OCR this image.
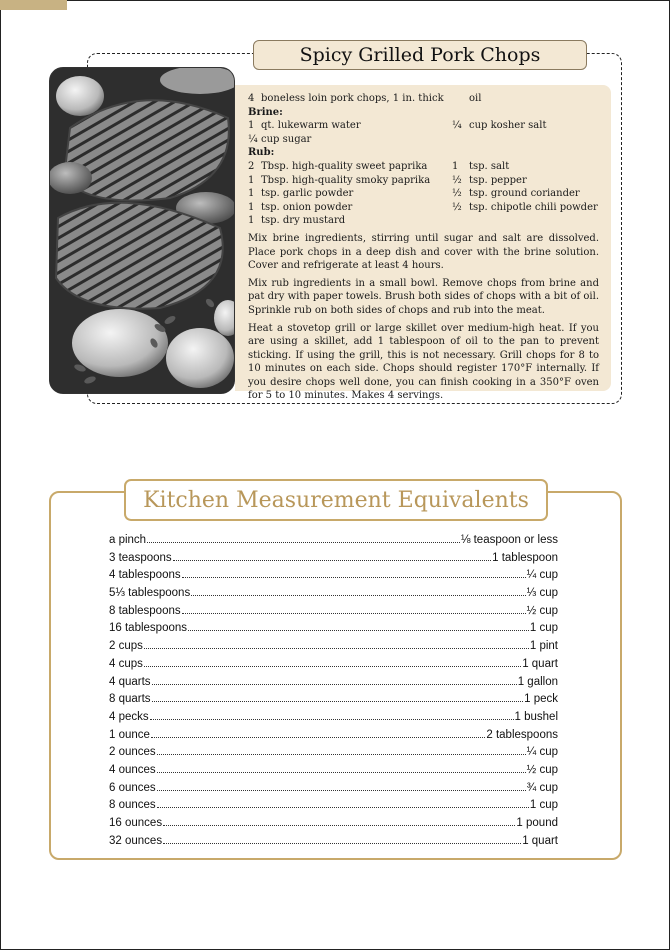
Spicy Grilled Pork Chops
4 boneless loin pork chops, 1 in. thick	oil
Brine:
1 qt. lukewarm water	¼ cup kosher salt
¼ cup sugar
Rub:
2 Tbsp. high-quality sweet paprika	1 tsp. salt
1 Tbsp. high-quality smoky paprika	½ tsp. pepper
1 tsp. garlic powder	½ tsp. ground coriander
1 tsp. onion powder	½ tsp. chipotle chili powder
1 tsp. dry mustard

Mix brine ingredients, stirring until sugar and salt are dissolved. Place pork chops in a deep dish and cover with the brine solution. Cover and refrigerate at least 4 hours.

Mix rub ingredients in a small bowl. Remove chops from brine and pat dry with paper towels. Brush both sides of chops with a bit of oil. Sprinkle rub on both sides of chops and rub into the meat.

Heat a stovetop grill or large skillet over medium-high heat. If you are using a skillet, add 1 tablespoon of oil to the pan to prevent sticking. If using the grill, this is not necessary. Grill chops for 8 to 10 minutes on each side. Chops should register 170°F internally. If you desire chops well done, you can finish cooking in a 350°F oven for 5 to 10 minutes. Makes 4 servings.

Kitchen Measurement Equivalents
a pinch	⅛ teaspoon or less
3 teaspoons	1 tablespoon
4 tablespoons	¼ cup
5⅓ tablespoons	⅓ cup
8 tablespoons	½ cup
16 tablespoons	1 cup
2 cups	1 pint
4 cups	1 quart
4 quarts	1 gallon
8 quarts	1 peck
4 pecks	1 bushel
1 ounce	2 tablespoons
2 ounces	¼ cup
4 ounces	½ cup
6 ounces	¾ cup
8 ounces	1 cup
16 ounces	1 pound
32 ounces	1 quart
